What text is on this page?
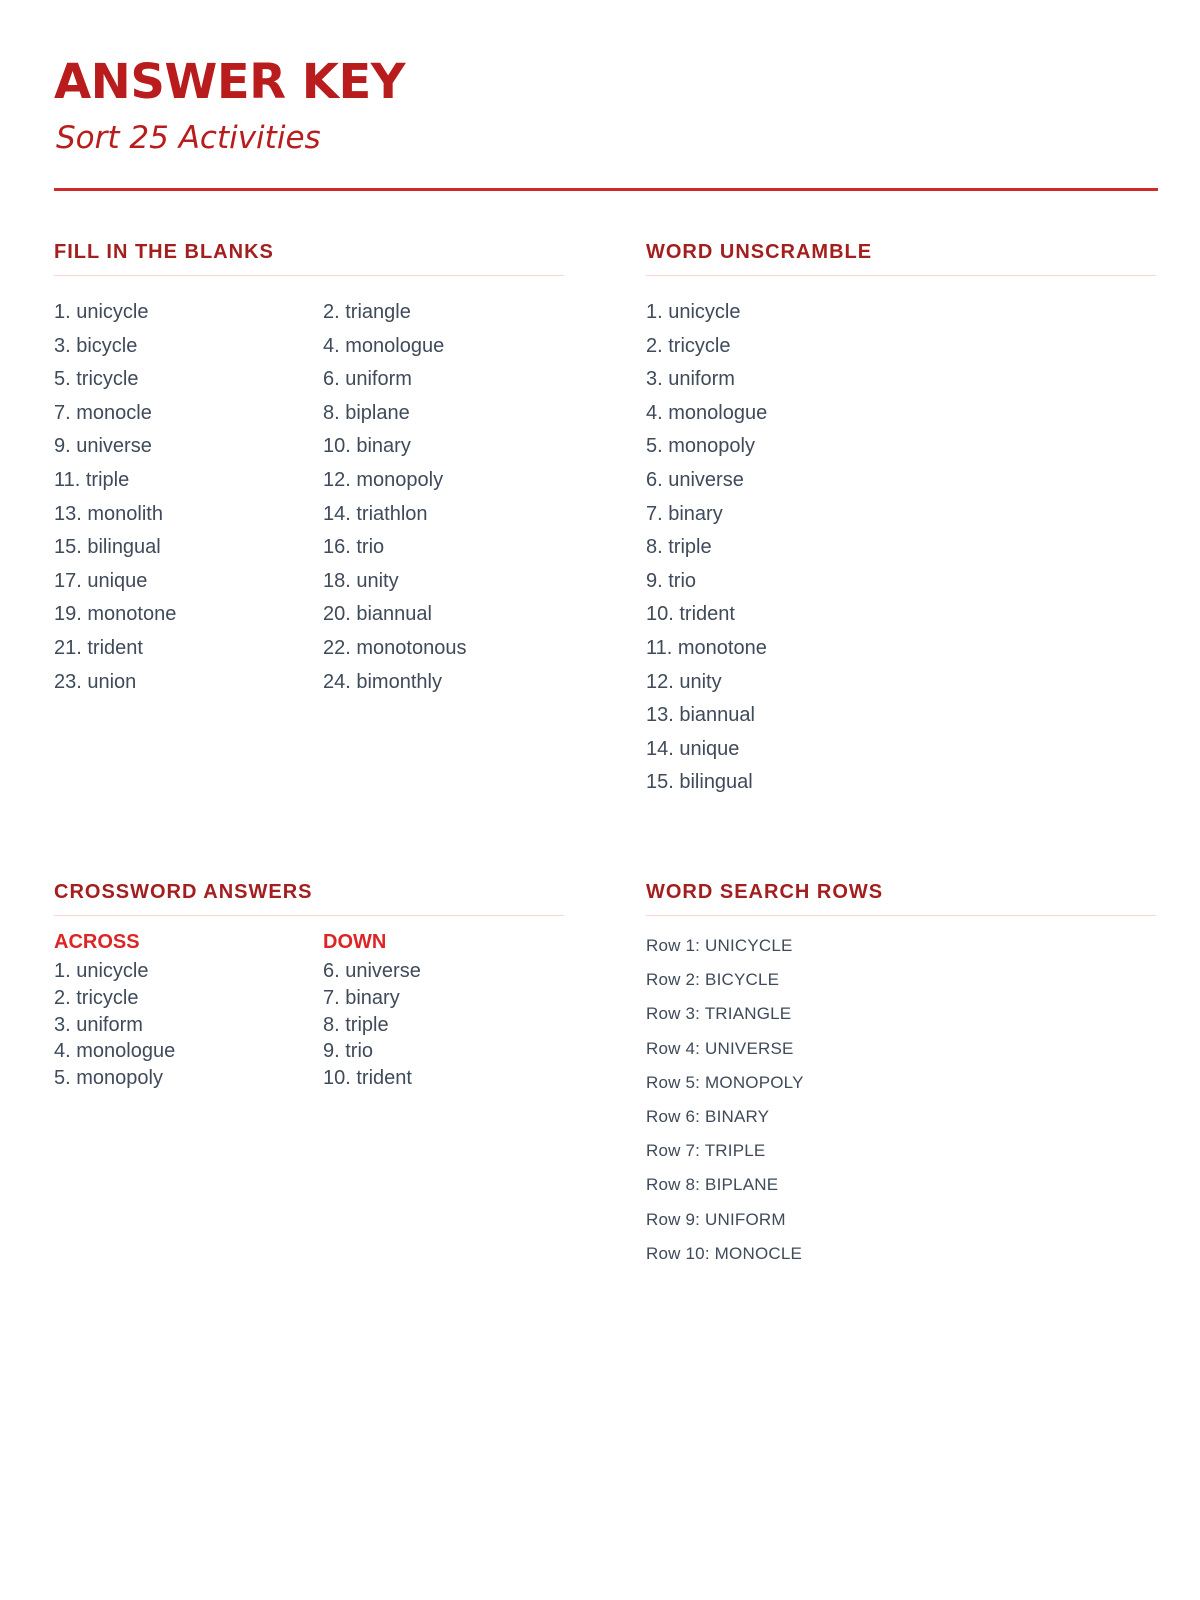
ANSWER KEY

Sort 25 Activities

FILL IN THE BLANKS
1. unicycle
3. bicycle
5. tricycle
7. monocle
9. universe
11. triple
13. monolith
15. bilingual
17. unique
19. monotone
21. trident
23. union
2. triangle
4. monologue
6. uniform
8. biplane
10. binary
12. monopoly
14. triathlon
16. trio
18. unity
20. biannual
22. monotonous
24. bimonthly
WORD UNSCRAMBLE
1. unicycle
2. tricycle
3. uniform
4. monologue
5. monopoly
6. universe
7. binary
8. triple
9. trio
10. trident
11. monotone
12. unity
13. biannual
14. unique
15. bilingual
CROSSWORD ANSWERS
ACROSS	DOWN
1. unicycle
2. tricycle
3. uniform
4. monologue
5. monopoly
6. universe
7. binary
8. triple
9. trio
10. trident
WORD SEARCH ROWS
Row 1: UNICYCLE
Row 2: BICYCLE
Row 3: TRIANGLE
Row 4: UNIVERSE
Row 5: MONOPOLY
Row 6: BINARY
Row 7: TRIPLE
Row 8: BIPLANE
Row 9: UNIFORM
Row 10: MONOCLE
